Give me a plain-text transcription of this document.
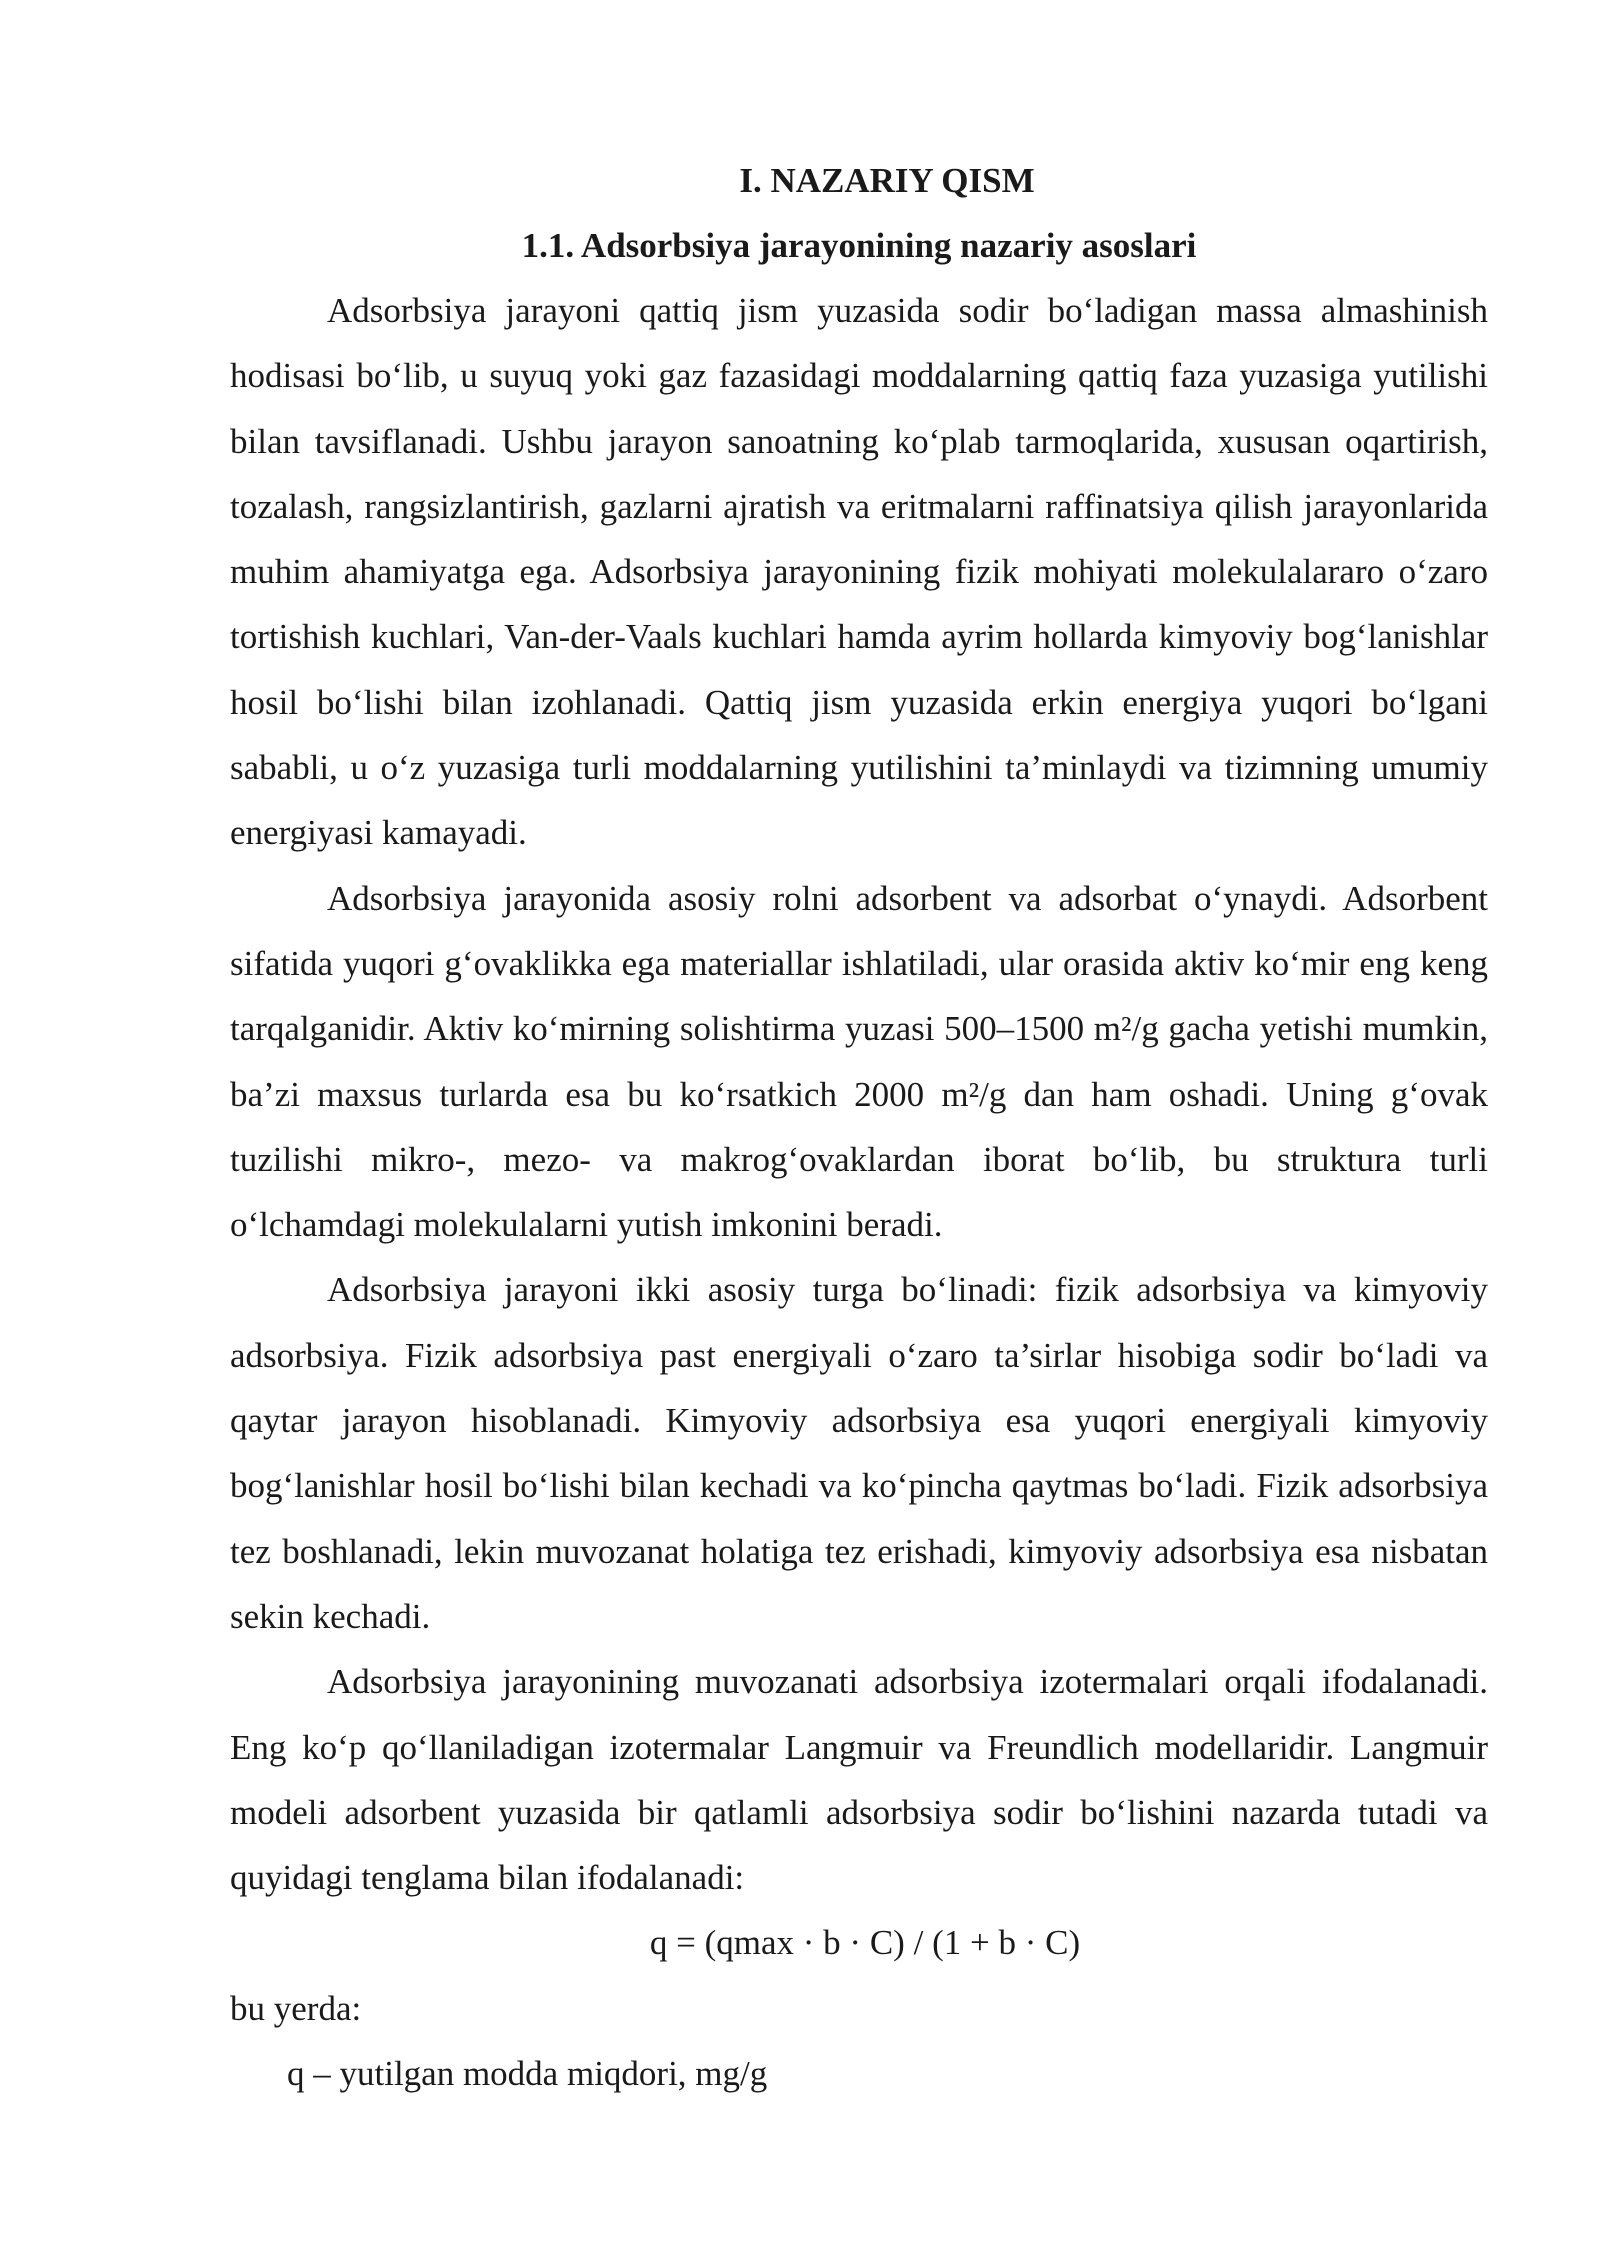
I. NAZARIY QISM

1.1. Adsorbsiya jarayonining nazariy asoslari

Adsorbsiya jarayoni qattiq jism yuzasida sodir bo‘ladigan massa almashinish hodisasi bo‘lib, u suyuq yoki gaz fazasidagi moddalarning qattiq faza yuzasiga yutilishi bilan tavsiflanadi. Ushbu jarayon sanoatning ko‘plab tarmoqlarida, xususan oqartirish, tozalash, rangsizlantirish, gazlarni ajratish va eritmalarni raffinatsiya qilish jarayonlarida muhim ahamiyatga ega. Adsorbsiya jarayonining fizik mohiyati molekulalararo o‘zaro tortishish kuchlari, Van-der-Vaals kuchlari hamda ayrim hollarda kimyoviy bog‘lanishlar hosil bo‘lishi bilan izohlanadi. Qattiq jism yuzasida erkin energiya yuqori bo‘lgani sababli, u o‘z yuzasiga turli moddalarning yutilishini ta’minlaydi va tizimning umumiy energiyasi kamayadi.

Adsorbsiya jarayonida asosiy rolni adsorbent va adsorbat o‘ynaydi. Adsorbent sifatida yuqori g‘ovaklikka ega materiallar ishlatiladi, ular orasida aktiv ko‘mir eng keng tarqalganidir. Aktiv ko‘mirning solishtirma yuzasi 500–1500 m²/g gacha yetishi mumkin, ba’zi maxsus turlarda esa bu ko‘rsatkich 2000 m²/g dan ham oshadi. Uning g‘ovak tuzilishi mikro-, mezo- va makrog‘ovaklardan iborat bo‘lib, bu struktura turli o‘lchamdagi molekulalarni yutish imkonini beradi.

Adsorbsiya jarayoni ikki asosiy turga bo‘linadi: fizik adsorbsiya va kimyoviy adsorbsiya. Fizik adsorbsiya past energiyali o‘zaro ta’sirlar hisobiga sodir bo‘ladi va qaytar jarayon hisoblanadi. Kimyoviy adsorbsiya esa yuqori energiyali kimyoviy bog‘lanishlar hosil bo‘lishi bilan kechadi va ko‘pincha qaytmas bo‘ladi. Fizik adsorbsiya tez boshlanadi, lekin muvozanat holatiga tez erishadi, kimyoviy adsorbsiya esa nisbatan sekin kechadi.

Adsorbsiya jarayonining muvozanati adsorbsiya izotermalari orqali ifodalanadi. Eng ko‘p qo‘llaniladigan izotermalar Langmuir va Freundlich modellaridir. Langmuir modeli adsorbent yuzasida bir qatlamli adsorbsiya sodir bo‘lishini nazarda tutadi va quyidagi tenglama bilan ifodalanadi:

q = (qmax · b · C) / (1 + b · C)

bu yerda:

q – yutilgan modda miqdori, mg/g
